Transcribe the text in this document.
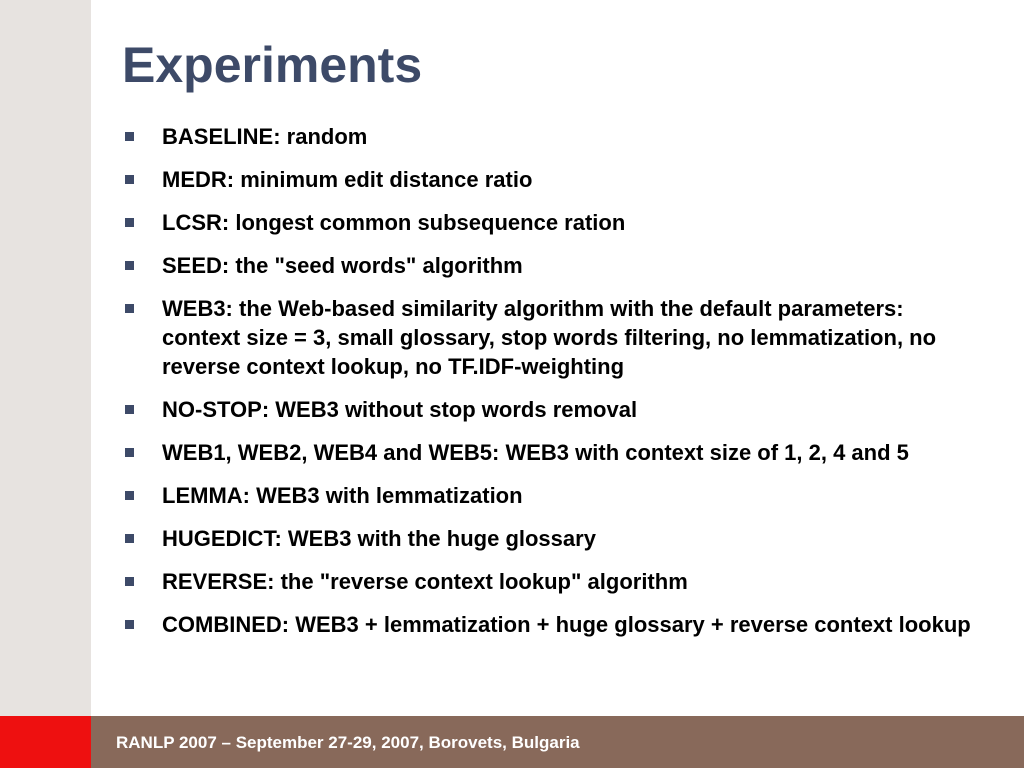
Experiments
BASELINE: random
MEDR: minimum edit distance ratio
LCSR: longest common subsequence ration
SEED: the "seed words" algorithm
WEB3: the Web-based similarity algorithm with the default parameters: context size = 3, small glossary, stop words filtering, no lemmatization, no reverse context lookup, no TF.IDF-weighting
NO-STOP: WEB3 without stop words removal
WEB1, WEB2, WEB4 and WEB5: WEB3 with context size of 1, 2, 4 and 5
LEMMA: WEB3 with lemmatization
HUGEDICT: WEB3 with the huge glossary
REVERSE: the "reverse context lookup" algorithm
COMBINED: WEB3 + lemmatization + huge glossary + reverse context lookup
RANLP 2007 – September 27-29, 2007, Borovets, Bulgaria
